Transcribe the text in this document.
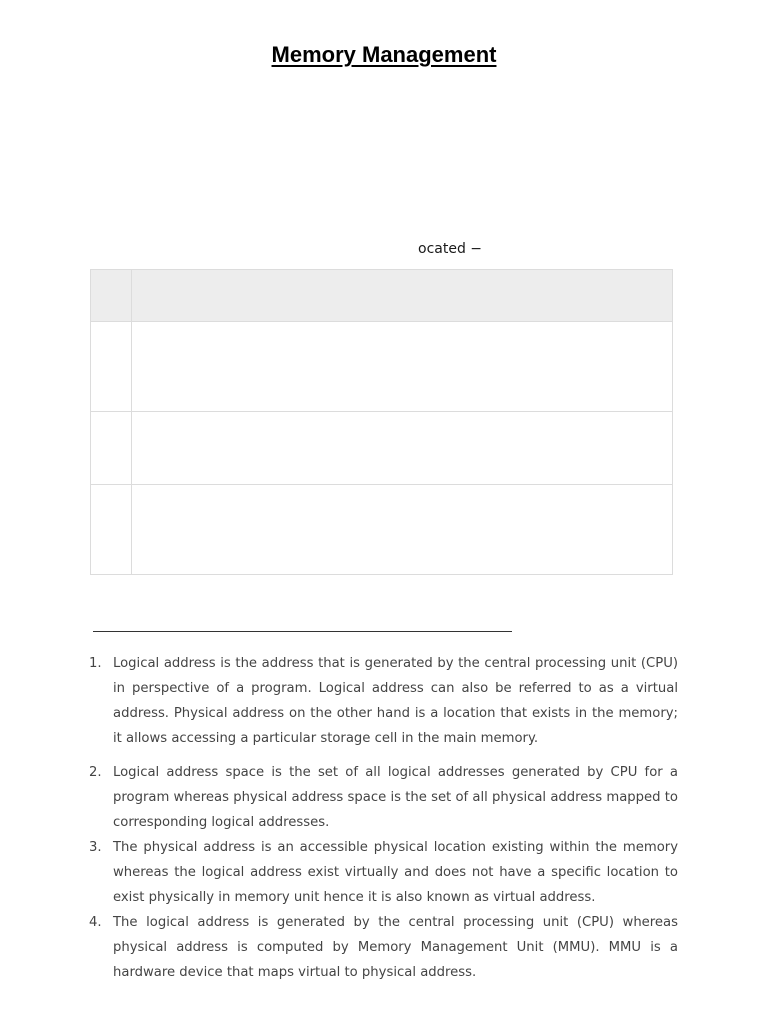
Memory Management
ocated −

1. Logical address is the address that is generated by the central processing unit (CPU) in perspective of a program. Logical address can also be referred to as a virtual address. Physical address on the other hand is a location that exists in the memory; it allows accessing a particular storage cell in the main memory.
2. Logical address space is the set of all logical addresses generated by CPU for a program whereas physical address space is the set of all physical address mapped to corresponding logical addresses.
3. The physical address is an accessible physical location existing within the memory whereas the logical address exist virtually and does not have a specific location to exist physically in memory unit hence it is also known as virtual address.
4. The logical address is generated by the central processing unit (CPU) whereas physical address is computed by Memory Management Unit (MMU). MMU is a hardware device that maps virtual to physical address.
